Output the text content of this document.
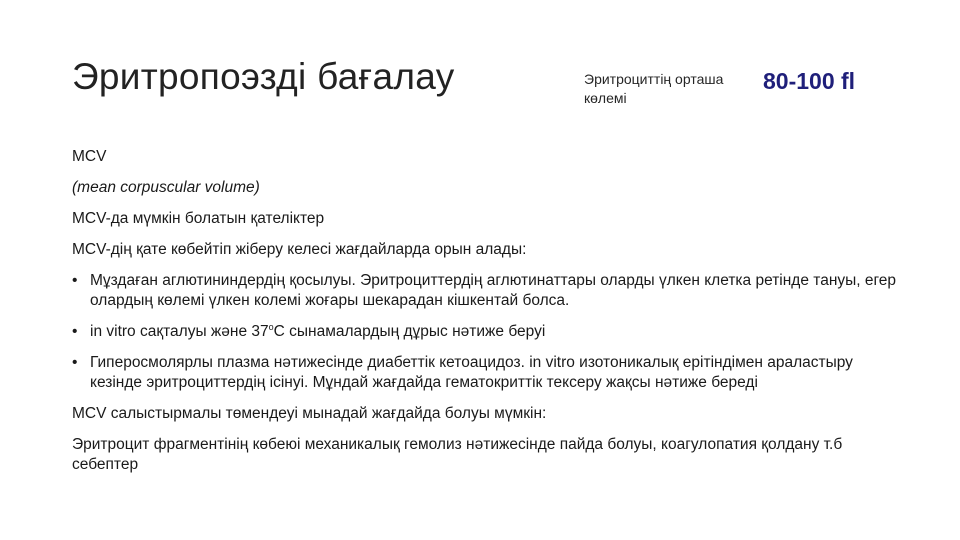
Эритропоэзді бағалау	Эритроциттің орташа көлемі
80-100 fl

MCV

(mean corpuscular volume)

MCV-да мүмкін болатын қателіктер

MCV-дің қате көбейтіп жіберу келесі жағдайларда орын алады:

• Мұздаған аглютининдердің қосылуы. Эритроциттердің аглютинаттары оларды үлкен клетка ретінде тануы, егер олардың көлемі үлкен колемі жоғары шекарадан кішкентай болса.
• in vitro сақталуы және $37^оС$ сынамалардың дұрыс нәтиже беруі
• Гиперосмолярлы плазма нәтижесінде диабеттік кетоацидоз. in vitro изотоникалық ерітіндімен араластыру кезінде эритроциттердің ісінуі. Мұндай жағдайда гематокриттік тексеру жақсы нәтиже береді

MCV салыстырмалы төмендеуі мынадай жағдайда болуы мүмкін:

Эритроцит фрагментінің көбеюі механикалық гемолиз нәтижесінде пайда болуы, коагулопатия қолдану т.б себептер
